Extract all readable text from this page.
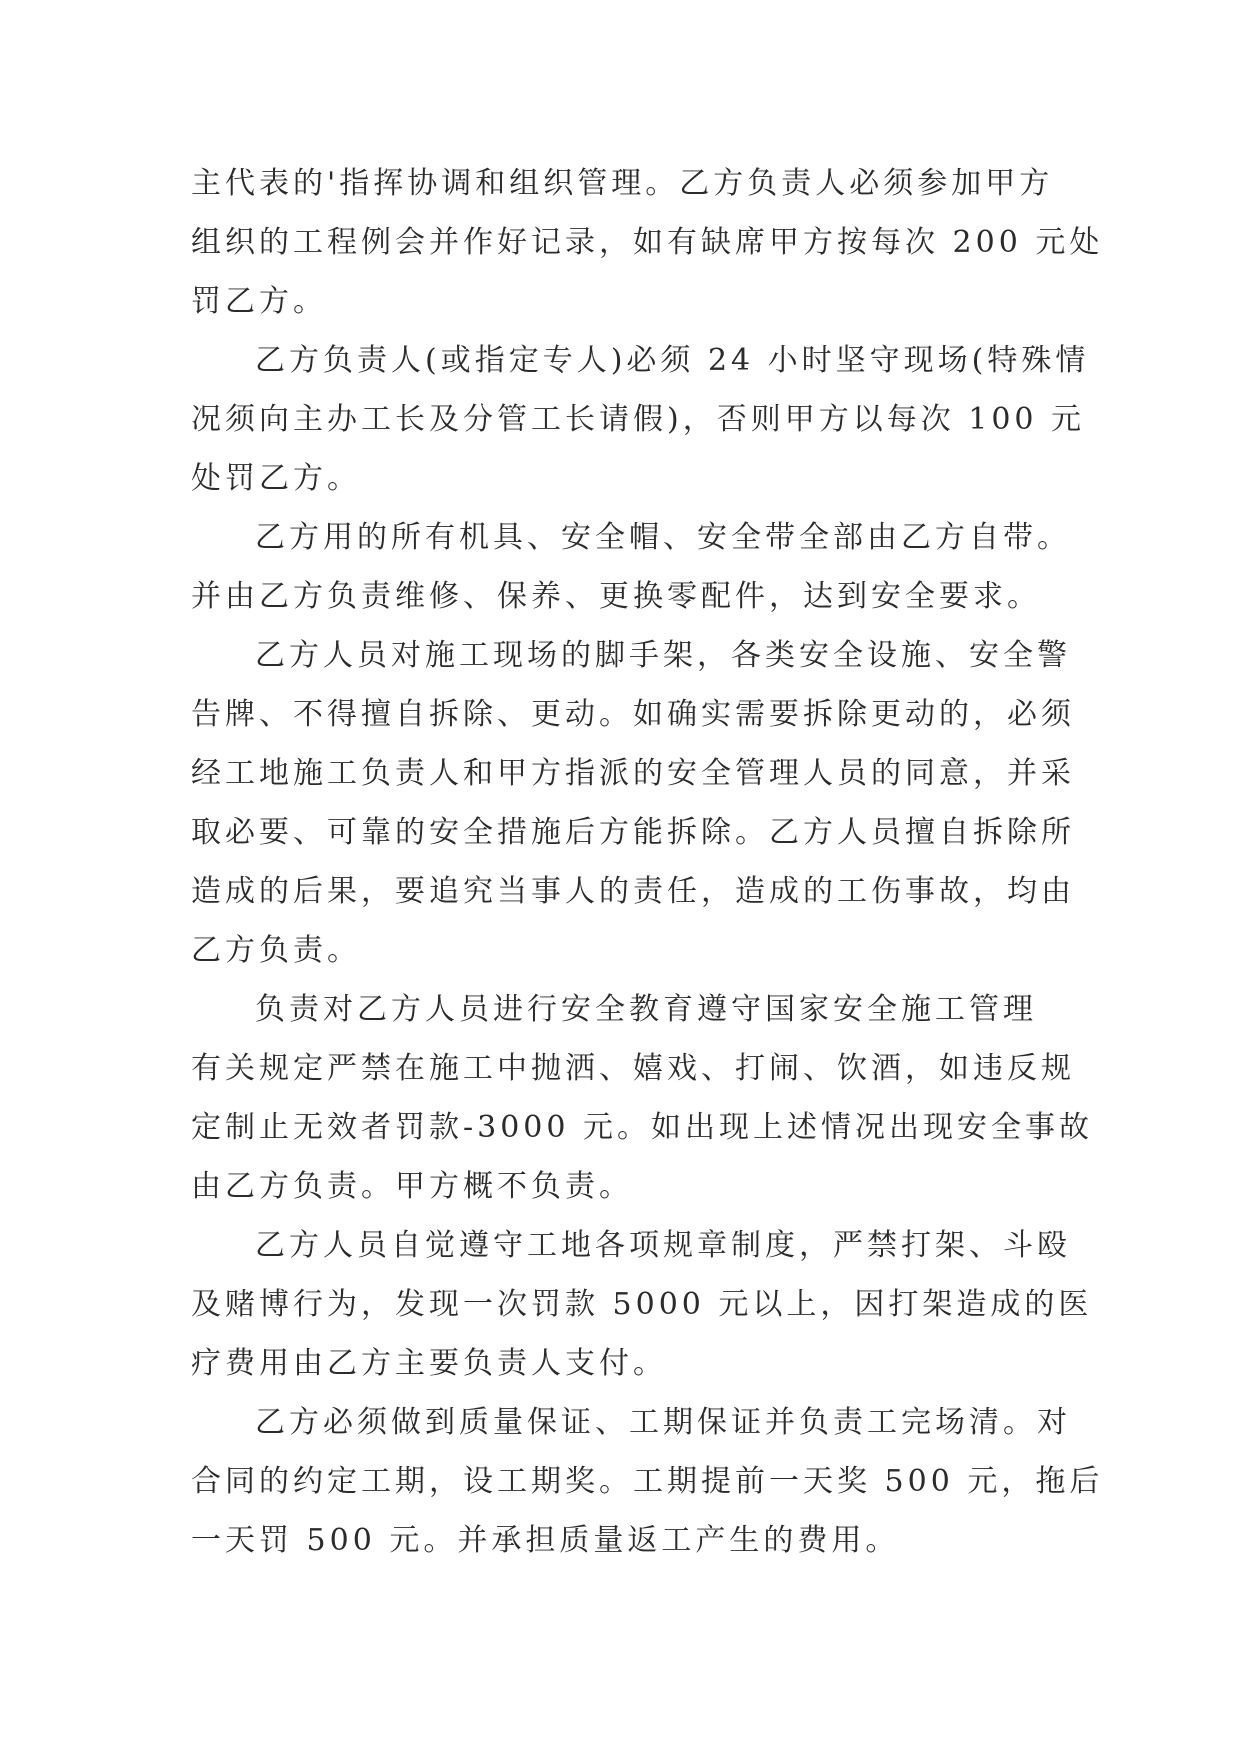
主代表的'指挥协调和组织管理。乙方负责人必须参加甲方
组织的工程例会并作好记录，如有缺席甲方按每次 200 元处
罚乙方。
乙方负责人(或指定专人)必须 24 小时坚守现场(特殊情
况须向主办工长及分管工长请假)，否则甲方以每次 100 元
处罚乙方。
乙方用的所有机具、安全帽、安全带全部由乙方自带。
并由乙方负责维修、保养、更换零配件，达到安全要求。
乙方人员对施工现场的脚手架，各类安全设施、安全警
告牌、不得擅自拆除、更动。如确实需要拆除更动的，必须
经工地施工负责人和甲方指派的安全管理人员的同意，并采
取必要、可靠的安全措施后方能拆除。乙方人员擅自拆除所
造成的后果，要追究当事人的责任，造成的工伤事故，均由
乙方负责。
负责对乙方人员进行安全教育遵守国家安全施工管理
有关规定严禁在施工中抛洒、嬉戏、打闹、饮酒，如违反规
定制止无效者罚款-3000 元。如出现上述情况出现安全事故
由乙方负责。甲方概不负责。
乙方人员自觉遵守工地各项规章制度，严禁打架、斗殴
及赌博行为，发现一次罚款 5000 元以上，因打架造成的医
疗费用由乙方主要负责人支付。
乙方必须做到质量保证、工期保证并负责工完场清。对
合同的约定工期，设工期奖。工期提前一天奖 500 元，拖后
一天罚 500 元。并承担质量返工产生的费用。
